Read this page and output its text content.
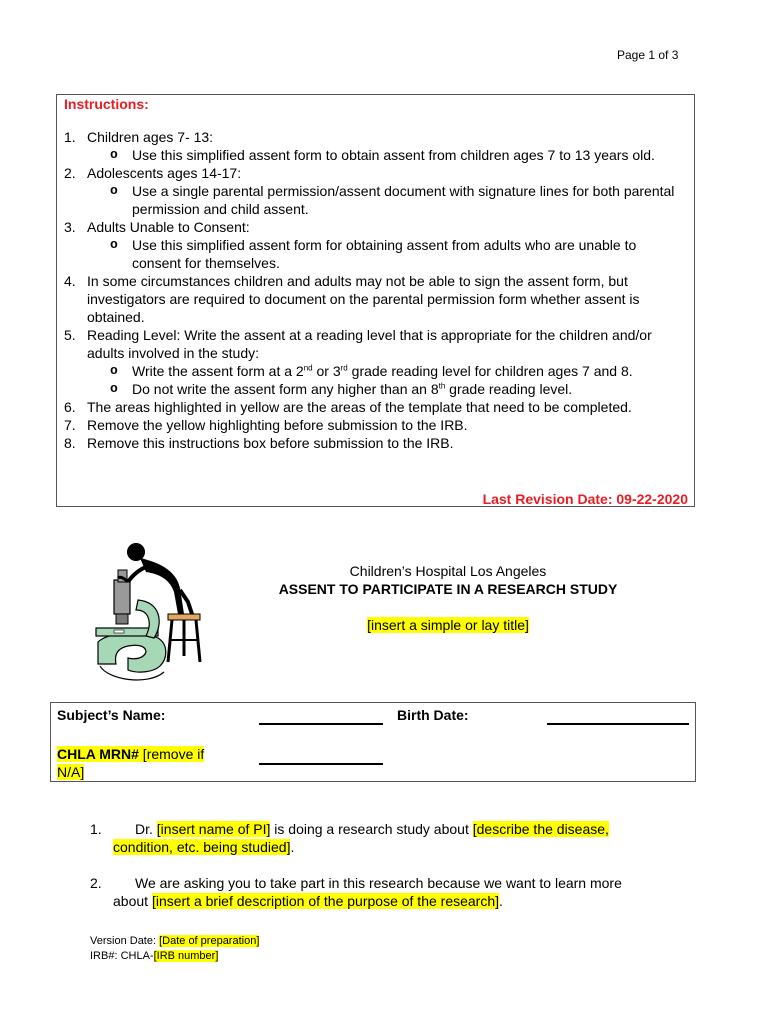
Page 1 of 3
Instructions:
1. Children ages 7- 13:
o Use this simplified assent form to obtain assent from children ages 7 to 13 years old.
2. Adolescents ages 14-17:
o Use a single parental permission/assent document with signature lines for both parental permission and child assent.
3. Adults Unable to Consent:
o Use this simplified assent form for obtaining assent from adults who are unable to consent for themselves.
4. In some circumstances children and adults may not be able to sign the assent form, but investigators are required to document on the parental permission form whether assent is obtained.
5. Reading Level: Write the assent at a reading level that is appropriate for the children and/or adults involved in the study:
o Write the assent form at a 2nd or 3rd grade reading level for children ages 7 and 8.
o Do not write the assent form any higher than an 8th grade reading level.
6. The areas highlighted in yellow are the areas of the template that need to be completed.
7. Remove the yellow highlighting before submission to the IRB.
8. Remove this instructions box before submission to the IRB.
Last Revision Date: 09-22-2020
Children’s Hospital Los Angeles
ASSENT TO PARTICIPATE IN A RESEARCH STUDY
[insert a simple or lay title]
Subject’s Name:	Birth Date:
CHLA MRN# [remove if N/A]
1.	Dr. [insert name of PI] is doing a research study about [describe the disease, condition, etc. being studied].
2.	We are asking you to take part in this research because we want to learn more about [insert a brief description of the purpose of the research].
Version Date: [Date of preparation]
IRB#: CHLA-[IRB number]
